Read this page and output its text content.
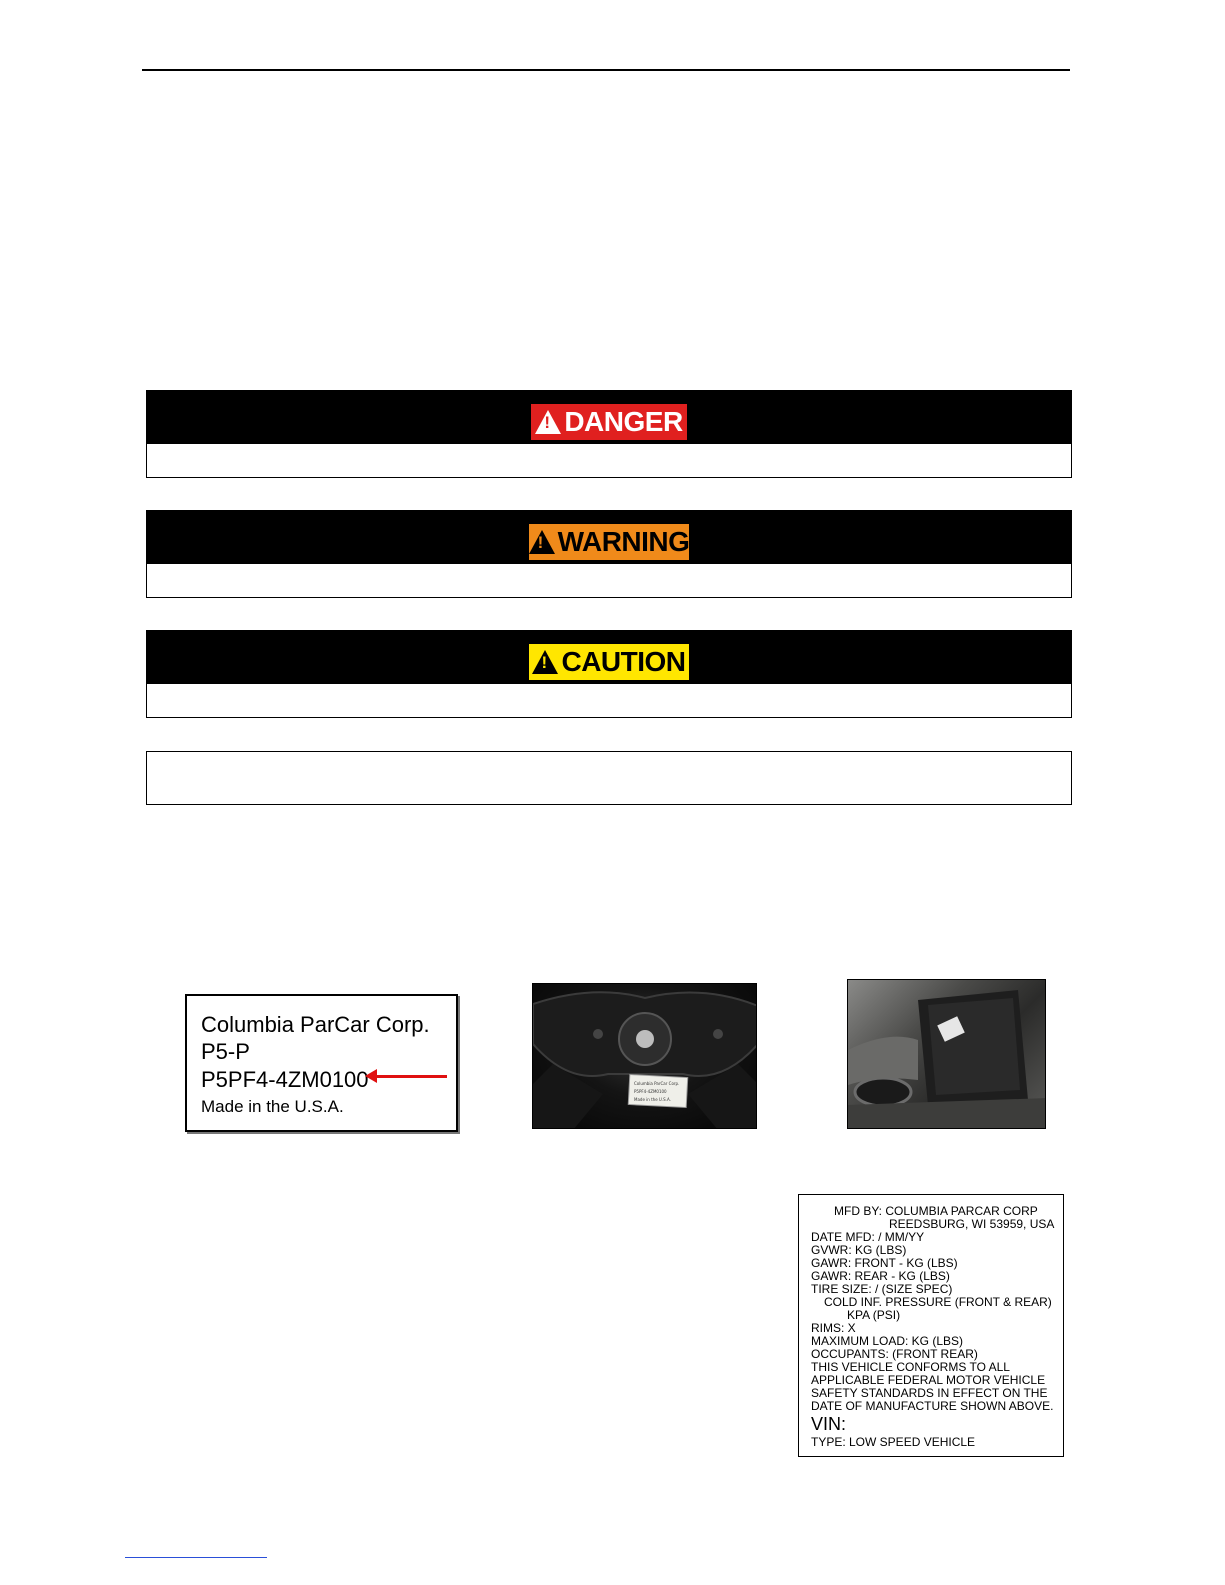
!
DANGER
!
WARNING
!
CAUTION
Columbia ParCar Corp.
P5-P
P5PF4-4ZM0100
Made in the U.S.A.
Columbia ParCar Corp.
P5PF4-4ZM0100
Made in the U.S.A.
MFD BY: COLUMBIA PARCAR CORP
REEDSBURG, WI 53959, USA
DATE MFD: / MM/YY
GVWR: KG (LBS)
GAWR: FRONT - KG (LBS)
GAWR: REAR - KG (LBS)
TIRE SIZE: / (SIZE SPEC)
COLD INF. PRESSURE (FRONT & REAR)
KPA (PSI)
RIMS: X
MAXIMUM LOAD: KG (LBS)
OCCUPANTS: (FRONT REAR)
THIS VEHICLE CONFORMS TO ALL
APPLICABLE FEDERAL MOTOR VEHICLE
SAFETY STANDARDS IN EFFECT ON THE
DATE OF MANUFACTURE SHOWN ABOVE.
VIN:
TYPE: LOW SPEED VEHICLE
